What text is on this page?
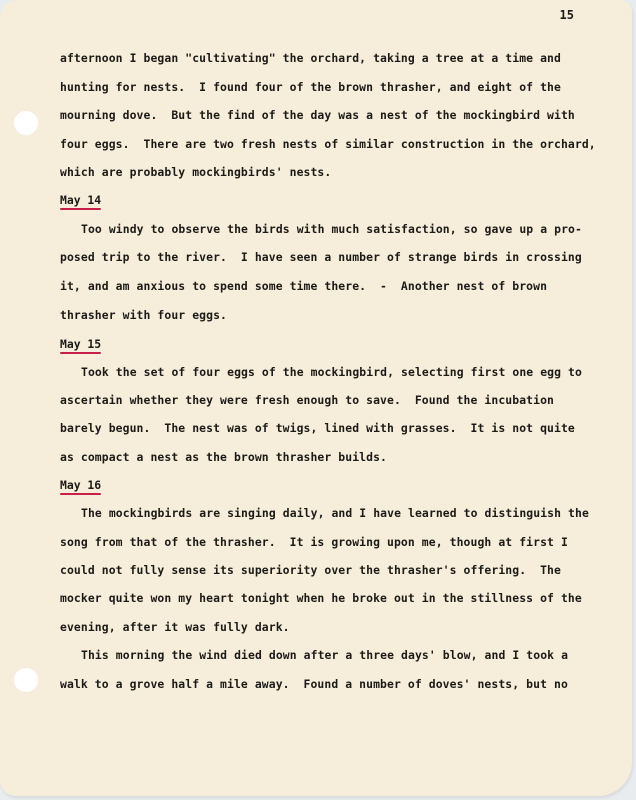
15
afternoon I began "cultivating" the orchard, taking a tree at a time and
hunting for nests.  I found four of the brown thrasher, and eight of the
mourning dove.  But the find of the day was a nest of the mockingbird with
four eggs.  There are two fresh nests of similar construction in the orchard,
which are probably mockingbirds' nests.
May 14
Too windy to observe the birds with much satisfaction, so gave up a pro-
posed trip to the river.  I have seen a number of strange birds in crossing
it, and am anxious to spend some time there.  -  Another nest of brown
thrasher with four eggs.
May 15
Took the set of four eggs of the mockingbird, selecting first one egg to
ascertain whether they were fresh enough to save.  Found the incubation
barely begun.  The nest was of twigs, lined with grasses.  It is not quite
as compact a nest as the brown thrasher builds.
May 16
The mockingbirds are singing daily, and I have learned to distinguish the
song from that of the thrasher.  It is growing upon me, though at first I
could not fully sense its superiority over the thrasher's offering.  The
mocker quite won my heart tonight when he broke out in the stillness of the
evening, after it was fully dark.
This morning the wind died down after a three days' blow, and I took a
walk to a grove half a mile away.  Found a number of doves' nests, but no
